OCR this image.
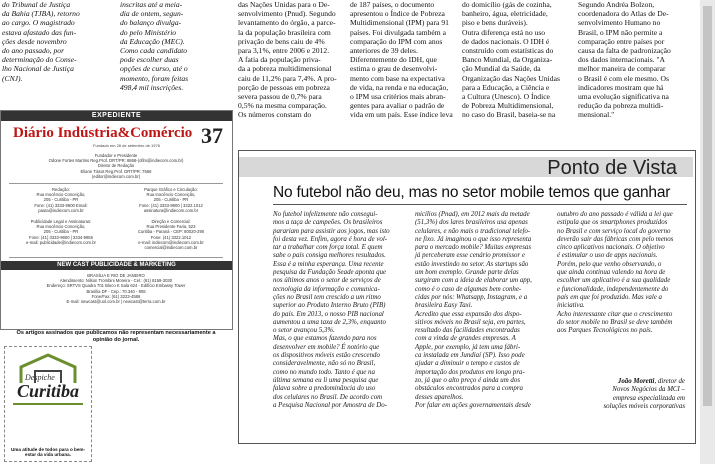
do Tribunal de Justiça
da Bahia (TJBA), retorno
ao cargo. O magistrado
estava afastado das fun-
ções desde novembro
do ano passado, por
determinação do Conse-
lho Nacional de Justiça
(CNJ).
inscritas até a meia-
dia de ontem, segun-
do balanço divulga-
do pelo Ministério
da Educação (MEC).
Como cada candidato
pode escolher duas
opções de curso, até o
momento, foram feitas
498,4 mil inscrições.
EXPEDIENTE
Diário Indústria&Comércio
Fundado em 28 de setembro de 1976 37
Fundador e Presidente
Odone Fortes Martins Reg.Prof. DRT/PR: 8868-(oflm@indiecom.com.br)
Diretor de Redação
Eliane Tissot Reg.Prof. DRT/PR: 7566
(editor@indiecom.com.br)
Redação:
Rua Inocêncio Conceição,
205 - Curitiba - PR
Fone: (41) 3333-9900 Email:
pauta@indiecom.com.br
Parque Gráfico e Circulação:
Rua Inocêncio Conceição,
205 - Curitiba - PR
Fone: (41) 3333-9900 | 3322.1012
assinatura@indiecom.com.br
Publicidade Legal e Assinaturas:
Rua Inocêncio Conceição,
205 - Curitiba - PR
Fone: (41) 3333-9900 | 3334-9955
e-mail: publicidade@indiecom.com.br
Direção e Comercial:
Rua Presidente Faria, 523
Curitiba - Paraná - CEP: 80020-290
Fone: (41) 3322.1012
e-mail: indiecom@indiecom.com.br
comercial@indiecom.com.br
NEW CAST PUBLICIDADE & MARKETING
BRASÍLIA E RIO DE JANEIRO
Atendimento: Nilson Trombini Moreira - Cel.: (61) 8159-3030
Endereço: SRTVS Quadra 701 Bloco K Sala 624 - Edifício Embassy Tower
Brasília DF - Cep.: 70.340 - 908
Fone/Fax: (61) 3223-4586
E-mail: newcast@uol.com.br | newcast@terra.com.br
Os artigos assinados que publicamos não representam necessariamente a opinião do jornal.
Despiche
Curitiba
Uma atitude de todos para o bem-estar da vida urbana.
das Nações Unidas para o De-
senvolvimento (Pnud). Segundo
levantamento do órgão, a parce-
la da população brasileira com
privação de bens caiu de 4%
para 3,1%, entre 2006 e 2012.
A fatia da população priva-
da a pobreza multidimensional
caiu de 11,2% para 7,4%. A pro-
porção de pessoas em pobreza
severa passou de 0,7% para
0,5% na mesma comparação.
Os números constam do
de 187 países, o documento
apresentou o Índice de Pobreza
Multidimensional (IPM) para 91
países. Foi divulgada também a
comparação do IPM com anos
anteriores de 39 deles.
Diferentemente do IDH, que
estima o grau de desenvolvi-
mento com base na expectativa
de vida, na renda e na educação,
o IPM usa critérios mais abran-
gentes para avaliar o padrão de
vida em um país. Esse índice leva
do domicílio (gás de cozinha,
banheiro, água, eletricidade,
piso e bens duráveis).
Outra diferença está no uso
de dados nacionais. O IDH é
construído com estatísticas do
Banco Mundial, da Organiza-
ção Mundial da Saúde, da
Organização das Nações Unidas
para a Educação, a Ciência e
a Cultura (Unesco). O Índice
de Pobreza Multidimensional,
no caso do Brasil, baseia-se na
Segundo Andréa Bolzon,
coordenadora do Atlas de De-
senvolvimento Humano no
Brasil, o IPM não permite a
comparação entre países por
causa da falta de padronização
dos dados internacionais. "A
melhor maneira de comparar
o Brasil é com ele mesmo. Os
indicadores mostram que há
uma evolução significativa na
redução da pobreza multidi-
mensional."
Ponto de Vista
No futebol não deu, mas no setor mobile temos que ganhar
No futebol infelizmente não consegui-
mos a taça de campeões. Os brasileiros
parariam para assistir aos jogos, mas isto
foi desta vez. Enfim, agora é hora de vol-
tar a trabalhar com força total. E quem
sabe o país consiga melhores resultados.
Essa é a minha esperança. Uma recente
pesquisa da Fundação Seade aponta que
nos últimos anos o setor de serviços de
tecnologia da informação e comunica-
ções no Brasil tem crescido a um ritmo
superior ao Produto Interno Bruto (PIB)
do país. Em 2013, o nosso PIB nacional
aumentou a uma taxa de 2,3%, enquanto
o setor avançou 5,3%.
Mas, o que estamos fazendo para nos
desenvolver em mobile? É notório que
os dispositivos móveis estão crescendo
consideravelmente, não só no Brasil,
como no mundo todo. Tanto é que na
última semana eu li uma pesquisa que
falava sobre a predominância do uso
dos celulares no Brasil. De acordo com
a Pesquisa Nacional por Amostra de Do-
micílios (Pnad), em 2012 mais da metade
(51,3%) dos lares brasileiros usa apenas
celulares, e não mais o tradicional telefo-
ne fixo. Já imaginou o que isso representa
para o mercado mobile? Muitas empresas
já perceberam esse cenário promissor e
estão investindo no setor. As startups são
um bom exemplo. Grande parte delas
surgiram com a ideia de elaborar um app,
como é o caso de algumas bem conhe-
cidas por nós: Whatsapp, Instagram, e a
brasileira Easy Taxi.
Acredito que essa expansão dos dispo-
sitivos móveis no Brasil seja, em partes,
resultado das facilidades encontradas
com a vinda de grandes empresas. A
Apple, por exemplo, já tem uma fábri-
ca instalada em Jundiaí (SP). Isso pode
ajudar a diminuir o tempo e custos de
importação dos produtos em longo pra-
zo, já que o alto preço é ainda um dos
obstáculos encontrados para a compra
desses aparelhos.
Por falar em ações governamentais desde
outubro do ano passado é válida a lei que
estipula que os smartphones produzidos
no Brasil e com serviço local do governo
deverão sair das fábricas com pelo menos
cinco aplicativos nacionais. O objetivo
é estimular o uso de apps nacionais.
Porém, pelo que venho observando, o
que ainda continua valendo na hora de
escolher um aplicativo é a sua qualidade
e funcionalidade, independentemente do
país em que foi produzido. Mas vale a
iniciativa.
Acho interessante citar que o crescimento
do setor mobile no Brasil se deve também
aos Parques Tecnológicos no país.
João Moretti, diretor de
Novos Negócios da MCI –
empresa especializada em
soluções móveis corporativas
